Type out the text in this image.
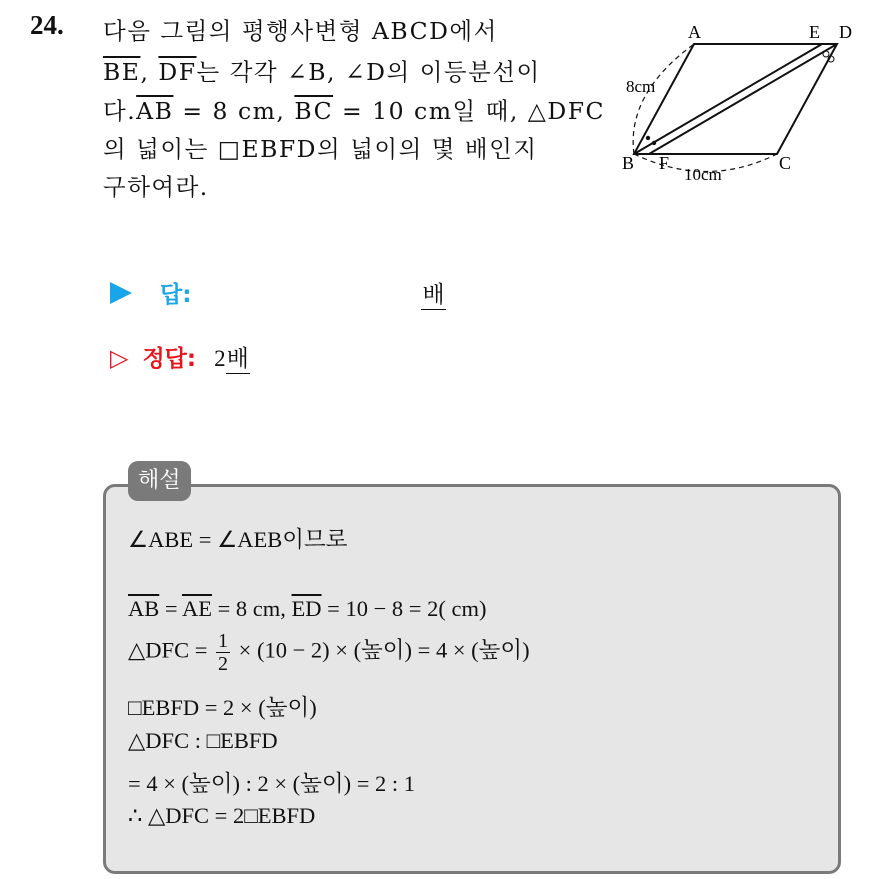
24. 다음 그림의 평행사변형 ABCD에서
$\overline{BE}$, $\overline{DF}$는 각각 ∠B, ∠D의 이등분선이
다$.\overline{AB} = 8$ cm, $\overline{BC} = 10$ cm일 때, △DFC
의 넓이는 □EBFD의 넓이의 몇 배인지
구하여라.
A	E D
B F	C
8cm
10cm
답:	배
▷ 정답: 2 배
해설
∠ABE = ∠AEB이므로
$\overline{AB} = \overline{AE} = 8$ cm, $\overline{ED} = 10 - 8 = 2$( cm)
△DFC = $\frac{1}{2} \times (10 - 2)$ × (높이) = 4 × (높이)
□EBFD = 2 × (높이)
△DFC : □EBFD
= 4 × (높이) : 2 × (높이) = 2 : 1
∴ △DFC = 2□EBFD
